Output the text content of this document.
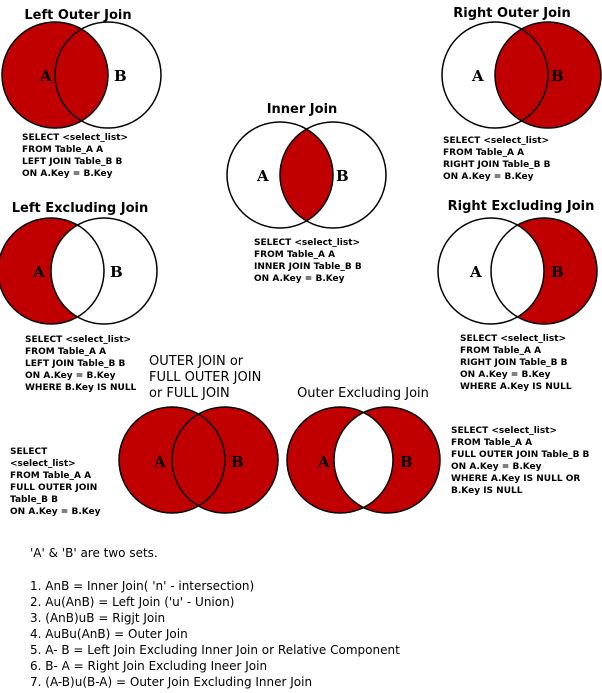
Left Outer Join
A	B
SELECT <select_list> FROM Table_A A LEFT JOIN Table_B B ON A.Key = B.Key
Right Outer Join
A	B
SELECT <select_list> FROM Table_A A RIGHT JOIN Table_B B ON A.Key = B.Key
Inner Join
A	B
SELECT <select_list> FROM Table_A A INNER JOIN Table_B B ON A.Key = B.Key
Left Excluding Join
A	B
SELECT <select_list> FROM Table_A A LEFT JOIN Table_B B ON A.Key = B.Key WHERE B.Key IS NULL
Right Excluding Join
A	B
SELECT <select_list> FROM Table_A A RIGHT JOIN Table_B B ON A.Key = B.Key WHERE A.Key IS NULL
OUTER JOIN or FULL OUTER JOIN or FULL JOIN
A	B
SELECT <select_list> FROM Table_A A FULL OUTER JOIN Table_B B ON A.Key = B.Key
Outer Excluding Join
A	B
SELECT <select_list> FROM Table_A A FULL OUTER JOIN Table_B B ON A.Key = B.Key WHERE A.Key IS NULL OR B.Key IS NULL
'A' & 'B' are two sets.
1. AnB = Inner Join( 'n' - intersection) 2. Au(AnB) = Left Join ('u' - Union) 3. (AnB)uB = Rigjt Join 4. AuBu(AnB) = Outer Join 5. A- B = Left Join Excluding Inner Join or Relative Component 6. B- A = Right Join Excluding Ineer Join 7. (A-B)u(B-A) = Outer Join Excluding Inner Join
